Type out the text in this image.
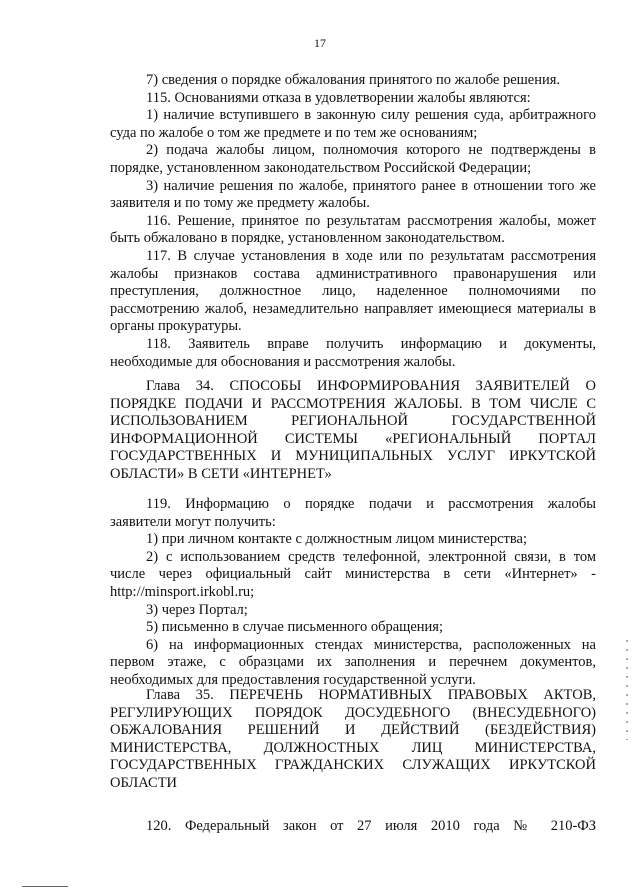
17

7) сведения о порядке обжалования принятого по жалобе решения.

115. Основаниями отказа в удовлетворении жалобы являются:

1) наличие вступившего в законную силу решения суда, арбитражного

суда по жалобе о том же предмете и по тем же основаниям;

2) подача жалобы лицом, полномочия которого не подтверждены в

порядке, установленном законодательством Российской Федерации;

3) наличие решения по жалобе, принятого ранее в отношении того же

заявителя и по тому же предмету жалобы.

116. Решение, принятое по результатам рассмотрения жалобы, может

быть обжаловано в порядке, установленном законодательством.

117. В случае установления в ходе или по результатам рассмотрения

жалобы признаков состава административного правонарушения или

преступления, должностное лицо, наделенное полномочиями по

рассмотрению жалоб, незамедлительно направляет имеющиеся материалы в

органы прокуратуры.

118. Заявитель вправе получить информацию и документы,

необходимые для обоснования и рассмотрения жалобы.

Глава 34. СПОСОБЫ ИНФОРМИРОВАНИЯ ЗАЯВИТЕЛЕЙ О

ПОРЯДКЕ ПОДАЧИ И РАССМОТРЕНИЯ ЖАЛОБЫ. В ТОМ ЧИСЛЕ С

ИСПОЛЬЗОВАНИЕМ РЕГИОНАЛЬНОЙ ГОСУДАРСТВЕННОЙ

ИНФОРМАЦИОННОЙ СИСТЕМЫ «РЕГИОНАЛЬНЫЙ ПОРТАЛ

ГОСУДАРСТВЕННЫХ И МУНИЦИПАЛЬНЫХ УСЛУГ ИРКУТСКОЙ

ОБЛАСТИ» В СЕТИ «ИНТЕРНЕТ»

119. Информацию о порядке подачи и рассмотрения жалобы

заявители могут получить:

1) при личном контакте с должностным лицом министерства;

2) с использованием средств телефонной, электронной связи, в том

числе через официальный сайт министерства в сети «Интернет» -

http://minsport.irkobl.ru;

3) через Портал;

5) письменно в случае письменного обращения;

6) на информационных стендах министерства, расположенных на

первом этаже, с образцами их заполнения и перечнем документов,

необходимых для предоставления государственной услуги.

Глава 35. ПЕРЕЧЕНЬ НОРМАТИВНЫХ ПРАВОВЫХ АКТОВ,

РЕГУЛИРУЮЩИХ ПОРЯДОК ДОСУДЕБНОГО (ВНЕСУДЕБНОГО)

ОБЖАЛОВАНИЯ РЕШЕНИЙ И ДЕЙСТВИЙ (БЕЗДЕЙСТВИЯ)

МИНИСТЕРСТВА, ДОЛЖНОСТНЫХ ЛИЦ МИНИСТЕРСТВА,

ГОСУДАРСТВЕННЫХ ГРАЖДАНСКИХ СЛУЖАЩИХ ИРКУТСКОЙ

ОБЛАСТИ

120. Федеральный закон от 27 июля 2010 года № 210-ФЗ
